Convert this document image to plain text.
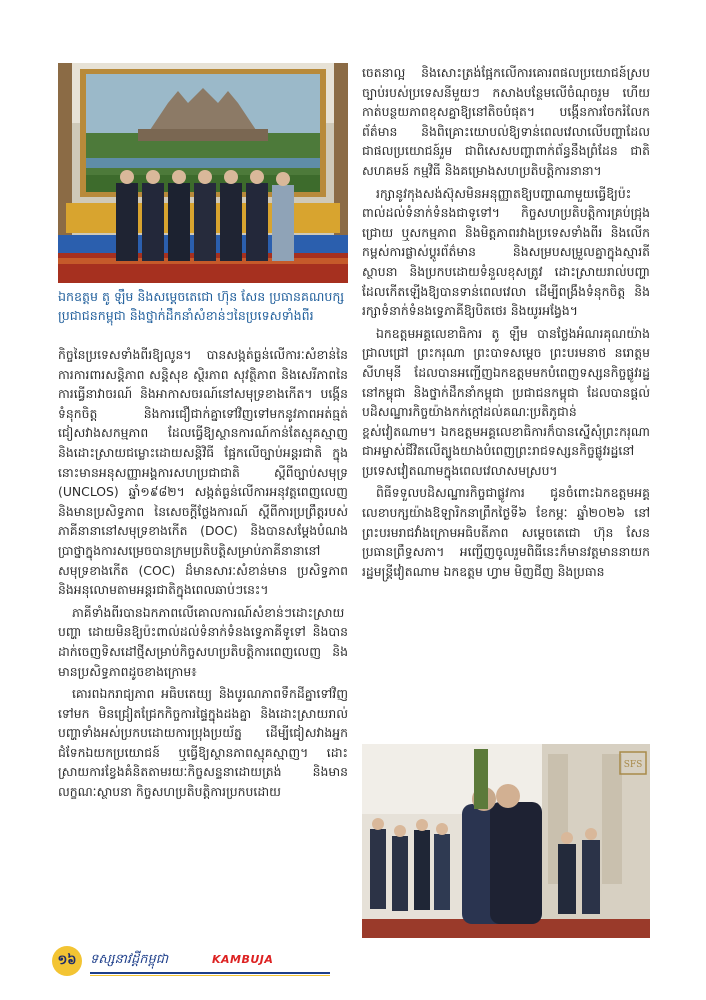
ឯកឧត្តម តូ ឡឹម និងសម្តេចតេជោ ហ៊ុន សែន ប្រធានគណបក្សប្រជាជនកម្ពុជា និងថ្នាក់ដឹកនាំសំខាន់ៗនៃប្រទេសទាំងពីរ

កិច្ចនៃប្រទេសទាំងពីរឱ្យលូន។ បានសង្កត់ធ្ងន់លើការៈសំខាន់នៃការការពារសន្តិភាព សន្តិសុខ ស្ថិរភាព សុវត្ថិភាព និងសេរីភាពនៃការធ្វើនាវាចរណ៍ និងអាកាសចរណ៍នៅសមុទ្រខាងកើត។ បង្កើនទំនុកចិត្ត និងការជឿជាក់គ្នាទៅវិញទៅមកនូវភាពអត់ធ្មត់ ជៀសវាងសកម្មភាព ដែលធ្វើឱ្យស្ថានការណ៍កាន់តែស្មុគស្មាញ និងដោះស្រាយជម្លោះដោយសន្តិវិធី ផ្អែកលើច្បាប់អន្តរជាតិ ក្នុងនោះមានអនុសញ្ញាអង្គការសហប្រជាជាតិ ស្តីពីច្បាប់សមុទ្រ (UNCLOS) ឆ្នាំ១៩៨២។ សង្កត់ធ្ងន់លើការអនុវត្តពេញលេញ និងមានប្រសិទ្ធភាព នៃសេចក្តីថ្លែងការណ៍ ស្តីពីការប្រព្រឹត្តរបស់ភាគីនានានៅសមុទ្រខាងកើត (DOC) និងបានសម្តែងបំណងប្រាថ្នាក្នុងការសម្រេចបានក្រមប្រតិបត្តិសម្រាប់ភាគីនានានៅសមុទ្រខាងកើត (COC) ដ៏មានសារៈសំខាន់មាន ប្រសិទ្ធភាព និងអនុលោមតាមអន្តរជាតិក្នុងពេលឆាប់ៗនេះ។

ភាគីទាំងពីរបានឯកភាពលើគោលការណ៍សំខាន់ៗដោះស្រាយបញ្ហា ដោយមិនឱ្យប៉ះពាល់ដល់ទំនាក់ទំនងទ្វេភាគីទូទៅ និងបានដាក់ចេញទិសដៅថ្មីសម្រាប់កិច្ចសហប្រតិបត្តិការពេញលេញ និងមានប្រសិទ្ធភាពដូចខាងក្រោម៖

គោរពឯករាជ្យភាព អធិបតេយ្យ និងបូរណភាពទឹកដីគ្នាទៅវិញទៅមក មិនជ្រៀតជ្រែកកិច្ចការផ្ទៃក្នុងដងគ្នា និងដោះស្រាយរាល់បញ្ហាទាំងអស់ប្រកបដោយការប្រុងប្រយ័ត្ន ដើម្បីជៀសវាងអ្នកជំទែកឯយកប្រយោជន៍ ឬធ្វើឱ្យស្ថានភាពស្មុគស្មាញ។ ដោះស្រាយការខ្វែងគំនិតតាមរយៈកិច្ចសន្ទនាដោយត្រង់ និងមានលក្ខណៈស្ថាបនា កិច្ចសហប្រតិបត្តិការប្រកបដោយ

ចេតនាល្អ និងសោះត្រង់ផ្អែកលើការគោរពផលប្រយោជន៍ស្របច្បាប់របស់ប្រទេសនីមួយៗ កសាងបន្ថែមលើចំណុចរួម ហើយកាត់បន្ថយភាពខុសគ្នាឱ្យនៅតិចបំផុត។ បង្កើនការចែករំលែកព័ត៌មាន និងពិគ្រោះយោបល់ឱ្យទាន់ពេលវេលាលើបញ្ហាដែលជាផលប្រយោជន៍រួម ជាពិសេសបញ្ហាពាក់ព័ន្ធនឹងព្រំដែន ជាតិ សហគមន៍ កម្មវិធី និងគម្រោងសហប្រតិបត្តិការនានា។

រក្សានូវកុងសង់ស៊ុសមិនអនុញ្ញាតឱ្យបញ្ហាណាមួយធ្វើឱ្យប៉ះពាល់ដល់ទំនាក់ទំនងជាទូទៅ។ កិច្ចសហប្រតិបត្តិការគ្រប់ជ្រុងជ្រោយ ឬសកម្មភាព និងមិត្តភាពរវាងប្រទេសទាំងពីរ និងលើកកម្ពស់ការផ្លាស់ប្តូរព័ត៌មាន និងសម្របសម្រួលគ្នាក្នុងស្មារតីស្ថាបនា និងប្រកបដោយទំនួលខុសត្រូវ ដោះស្រាយរាល់បញ្ហាដែលកើតឡើងឱ្យបានទាន់ពេលវេលា ដើម្បីពង្រឹងទំនុកចិត្ត និងរក្សាទំនាក់ទំនងទ្វេភាគីឱ្យបិតថេរ និងយូរអង្វែង។

ឯកឧត្តមអគ្គលេខាធិការ តូ ឡឹម បានថ្លែងអំណរគុណយ៉ាងជ្រាលជ្រៅ ព្រះករុណា ព្រះបាទសម្តេច ព្រះបរមនាថ នរោត្តម សីហមុនី ដែលបានអញ្ជើញឯកឧត្តមមកបំពេញទស្សនកិច្ចផ្លូវរដ្ឋនៅកម្ពុជា និងថ្នាក់ដឹកនាំកម្ពុជា ប្រជាជនកម្ពុជា ដែលបានផ្តល់បដិសណ្ឋារកិច្ចយ៉ាងកក់ក្តៅដល់គណៈប្រតិភូជាន់ខ្ពស់វៀតណាម។ ឯកឧត្តមអគ្គលេខាធិការក៏បានស្នើសុំព្រះករុណាជាអម្ចាស់ជីវិតលើត្បូងយាងបំពេញព្រះរាជទស្សនកិច្ចផ្លូវរដ្ឋនៅប្រទេសវៀតណាមក្នុងពេលវេលាសមស្រប។

ពិធីទទួលបដិសណ្ឋារកិច្ចជាផ្លូវការ ជូនចំពោះឯកឧត្តមអគ្គលេខាបក្សយ៉ាងឱឡារិកនាព្រឹកថ្ងៃទី៦ ខែកម្ភៈ ឆ្នាំ២០២៦ នៅព្រះបរមរាជវាំងក្រោមអធិបតីភាព សម្តេចតេជោ ហ៊ុន សែន ប្រធានព្រឹទ្ធសភា។ អញ្ជើញចូលរួមពិធីនេះក៏មានវត្តមាននាយករដ្ឋមន្ត្រីវៀតណាម ឯកឧត្តម ហ្វាម មិញជីញ និងប្រធាន

SFS
១៦	ទស្សនាវដ្តីកម្ពុជា	KAMBUJA
